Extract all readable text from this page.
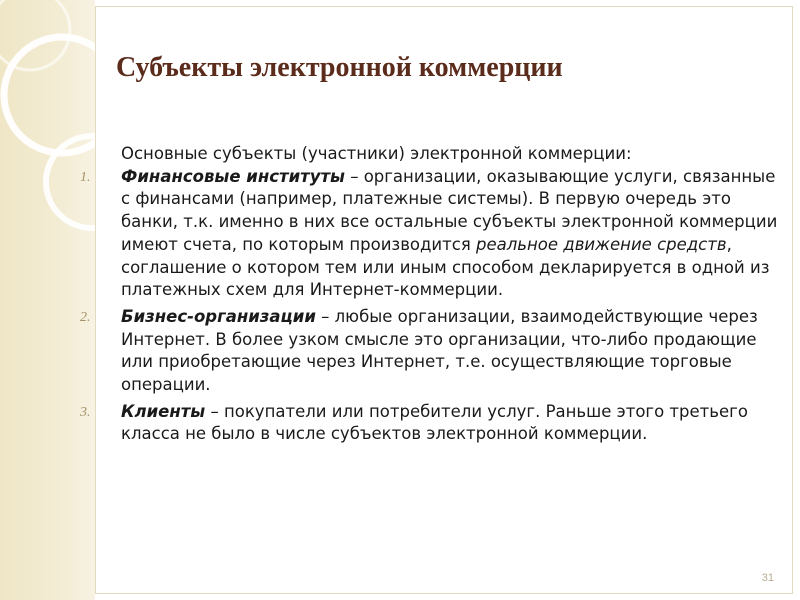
Субъекты электронной коммерции

Основные субъекты (участники) электронной коммерции:

1.	Финансовые институты – организации, оказывающие услуги, связанные с финансами (например, платежные системы). В первую очередь это банки, т.к. именно в них все остальные субъекты электронной коммерции имеют счета, по которым производится реальное движение средств, соглашение о котором тем или иным способом декларируется в одной из платежных схем для Интернет-коммерции.
2.	Бизнес-организации – любые организации, взаимодействующие через Интернет. В более узком смысле это организации, что-либо продающие или приобретающие через Интернет, т.е. осуществляющие торговые операции.
3.	Клиенты – покупатели или потребители услуг. Раньше этого третьего класса не было в числе субъектов электронной коммерции.
31
